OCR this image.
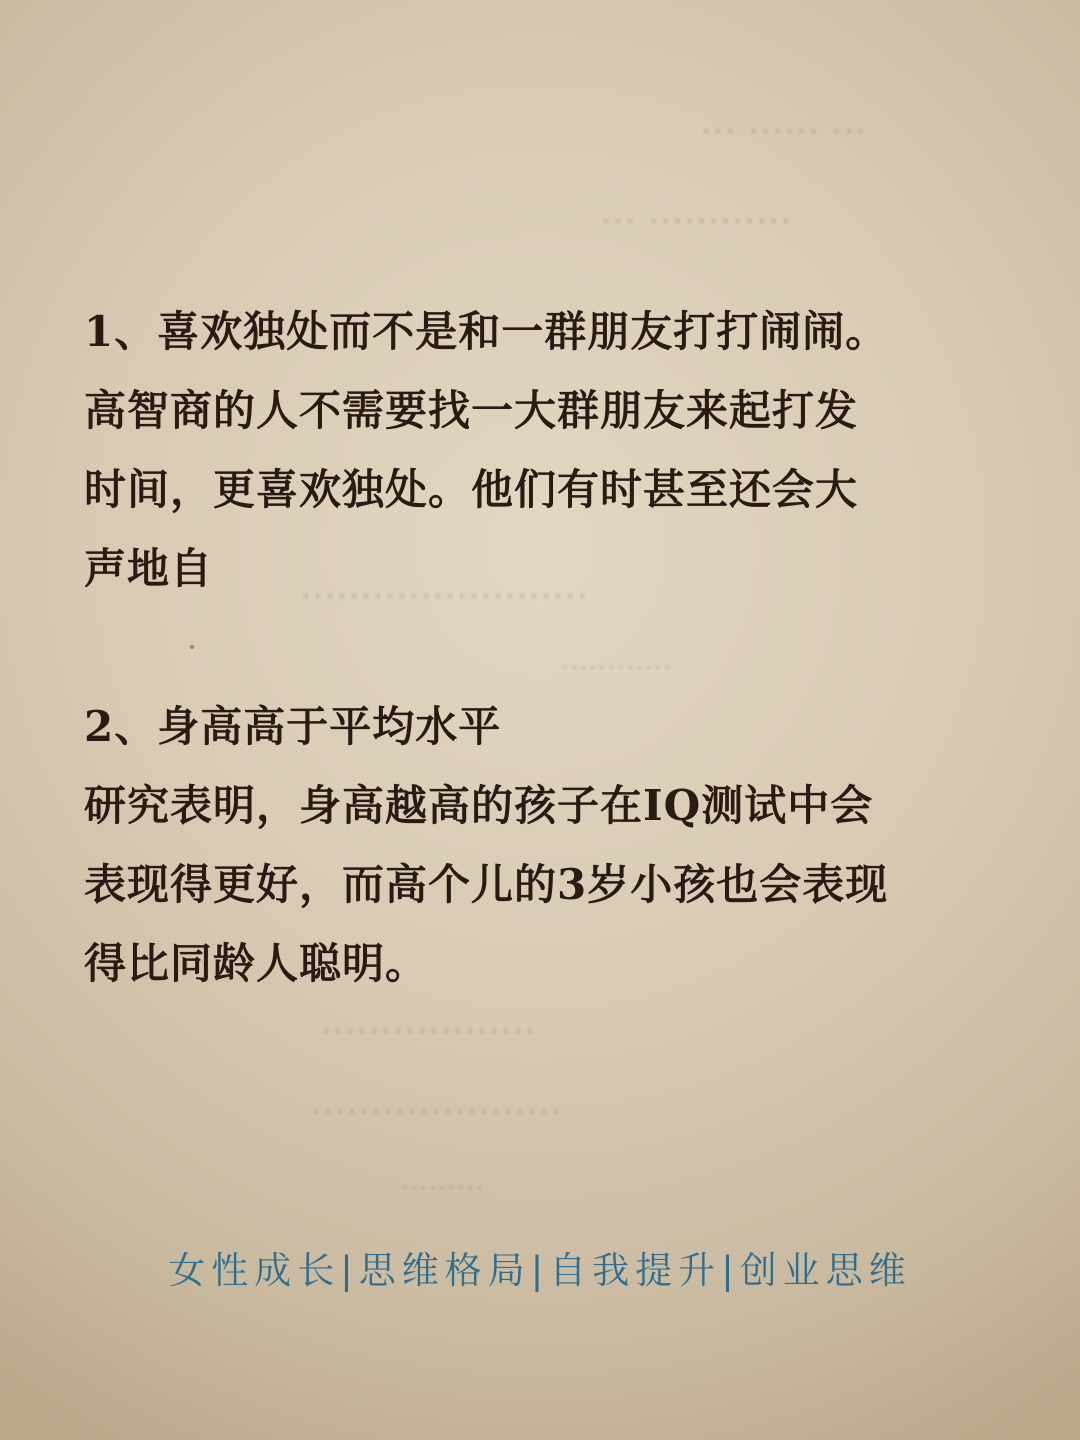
⋯ ⋯⋯ ⋯
⋯⋯⋯⋯ ⋯
⋯⋯⋯⋯⋯⋯⋯⋯
⋯⋯⋯⋯
⋯⋯⋯⋯⋯⋯
⋯⋯⋯⋯⋯⋯⋯
⋯⋯⋯
1、喜欢独处而不是和一群朋友打打闹闹。
高智商的人不需要找一大群朋友来起打发
时间，更喜欢独处。他们有时甚至还会大
声地自
2、身高高于平均水平
研究表明，身高越高的孩子在IQ测试中会
表现得更好，而高个儿的3岁小孩也会表现
得比同龄人聪明。
女性成长|思维格局|自我提升|创业思维
